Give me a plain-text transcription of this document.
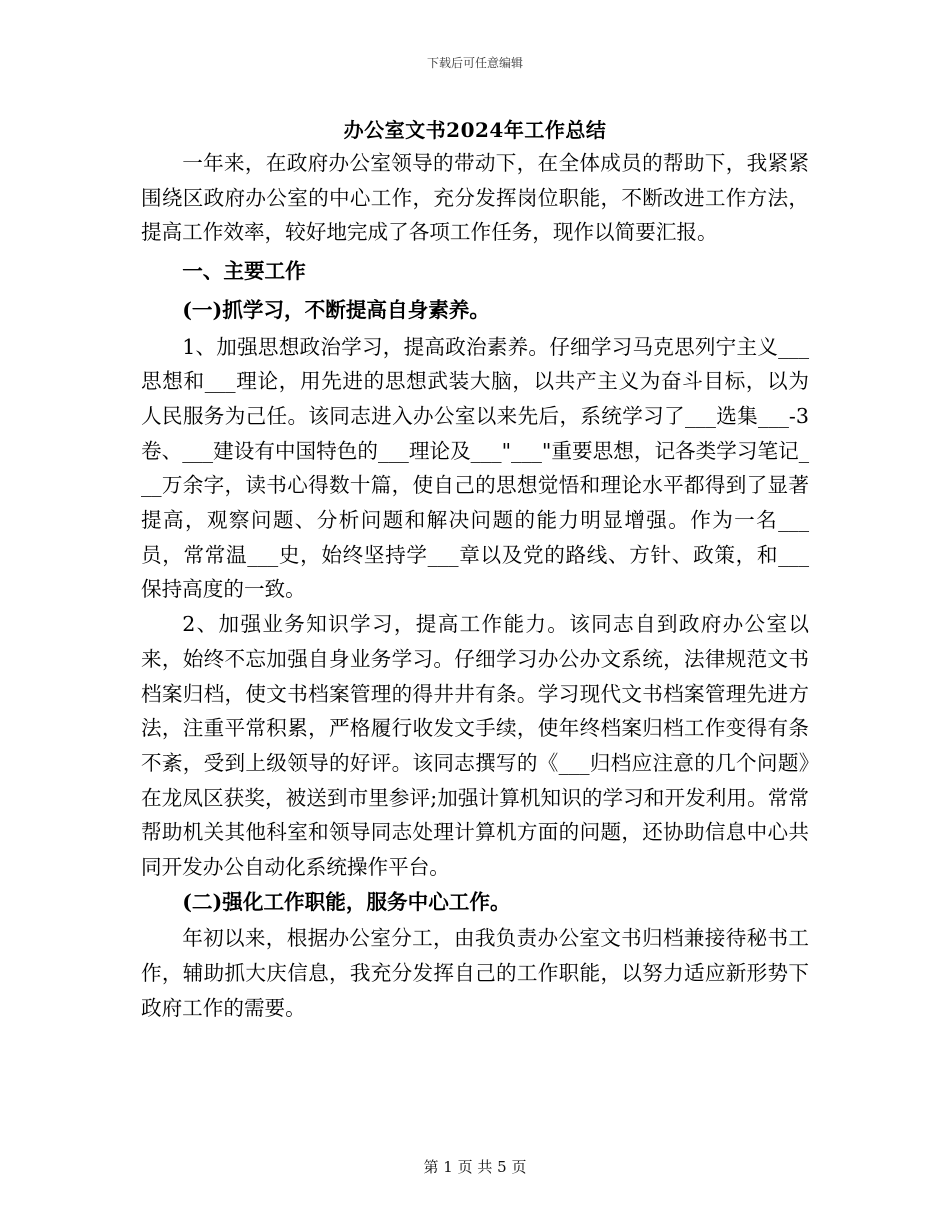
下载后可任意编辑
办公室文书2024年工作总结

一年来，在政府办公室领导的带动下，在全体成员的帮助下，我紧紧围绕区政府办公室的中心工作，充分发挥岗位职能，不断改进工作方法，提高工作效率，较好地完成了各项工作任务，现作以简要汇报。

一、主要工作

(一)抓学习，不断提高自身素养。

1、加强思想政治学习，提高政治素养。仔细学习马克思列宁主义___思想和___理论，用先进的思想武装大脑，以共产主义为奋斗目标，以为人民服务为己任。该同志进入办公室以来先后，系统学习了___选集___-3卷、___建设有中国特色的___理论及___"___"重要思想，记各类学习笔记___万余字，读书心得数十篇，使自己的思想觉悟和理论水平都得到了显著提高，观察问题、分析问题和解决问题的能力明显增强。作为一名___员，常常温___史，始终坚持学___章以及党的路线、方针、政策，和___保持高度的一致。

2、加强业务知识学习，提高工作能力。该同志自到政府办公室以来，始终不忘加强自身业务学习。仔细学习办公办文系统，法律规范文书档案归档，使文书档案管理的得井井有条。学习现代文书档案管理先进方法，注重平常积累，严格履行收发文手续，使年终档案归档工作变得有条不紊，受到上级领导的好评。该同志撰写的《___归档应注意的几个问题》在龙凤区获奖，被送到市里参评;加强计算机知识的学习和开发利用。常常帮助机关其他科室和领导同志处理计算机方面的问题，还协助信息中心共同开发办公自动化系统操作平台。

(二)强化工作职能，服务中心工作。

年初以来，根据办公室分工，由我负责办公室文书归档兼接待秘书工作，辅助抓大庆信息，我充分发挥自己的工作职能，以努力适应新形势下政府工作的需要。

第 1 页 共 5 页
